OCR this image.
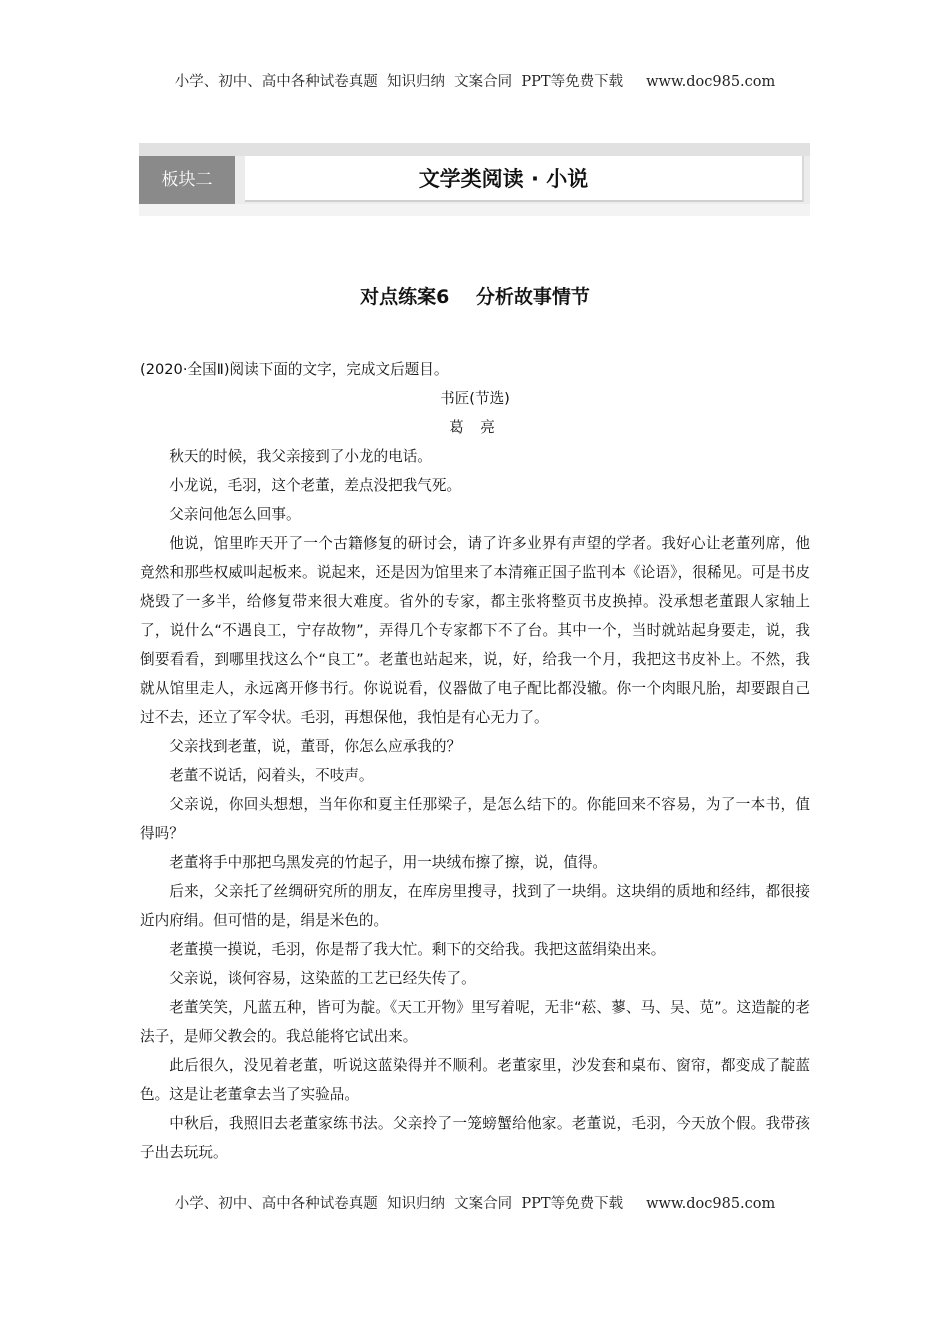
小学、初中、高中各种试卷真题  知识归纳  文案合同  PPT等免费下载     www.doc985.com
板块二	文学类阅读 · 小说
对点练案6    分析故事情节

(2020·全国Ⅱ)阅读下面的文字，完成文后题目。

书匠(节选)

葛 亮

秋天的时候，我父亲接到了小龙的电话。

小龙说，毛羽，这个老董，差点没把我气死。

父亲问他怎么回事。

他说，馆里昨天开了一个古籍修复的研讨会，请了许多业界有声望的学者。我好心让老董列席，他竟然和那些权威叫起板来。说起来，还是因为馆里来了本清雍正国子监刊本《论语》，很稀见。可是书皮烧毁了一多半，给修复带来很大难度。省外的专家，都主张将整页书皮换掉。没承想老董跟人家轴上了，说什么“不遇良工，宁存故物”，弄得几个专家都下不了台。其中一个，当时就站起身要走，说，我倒要看看，到哪里找这么个“良工”。老董也站起来，说，好，给我一个月，我把这书皮补上。不然，我就从馆里走人，永远离开修书行。你说说看，仪器做了电子配比都没辙。你一个肉眼凡胎，却要跟自己过不去，还立了军令状。毛羽，再想保他，我怕是有心无力了。

父亲找到老董，说，董哥，你怎么应承我的？

老董不说话，闷着头，不吱声。

父亲说，你回头想想，当年你和夏主任那梁子，是怎么结下的。你能回来不容易，为了一本书，值得吗？

老董将手中那把乌黑发亮的竹起子，用一块绒布擦了擦，说，值得。

后来，父亲托了丝绸研究所的朋友，在库房里搜寻，找到了一块绢。这块绢的质地和经纬，都很接近内府绢。但可惜的是，绢是米色的。

老董摸一摸说，毛羽，你是帮了我大忙。剩下的交给我。我把这蓝绢染出来。

父亲说，谈何容易，这染蓝的工艺已经失传了。

老董笑笑，凡蓝五种，皆可为靛。《天工开物》里写着呢，无非“菘、蓼、马、吴、苋”。这造靛的老法子，是师父教会的。我总能将它试出来。

此后很久，没见着老董，听说这蓝染得并不顺利。老董家里，沙发套和桌布、窗帘，都变成了靛蓝色。这是让老董拿去当了实验品。

中秋后，我照旧去老董家练书法。父亲拎了一笼螃蟹给他家。老董说，毛羽，今天放个假。我带孩子出去玩玩。

小学、初中、高中各种试卷真题  知识归纳  文案合同  PPT等免费下载     www.doc985.com
